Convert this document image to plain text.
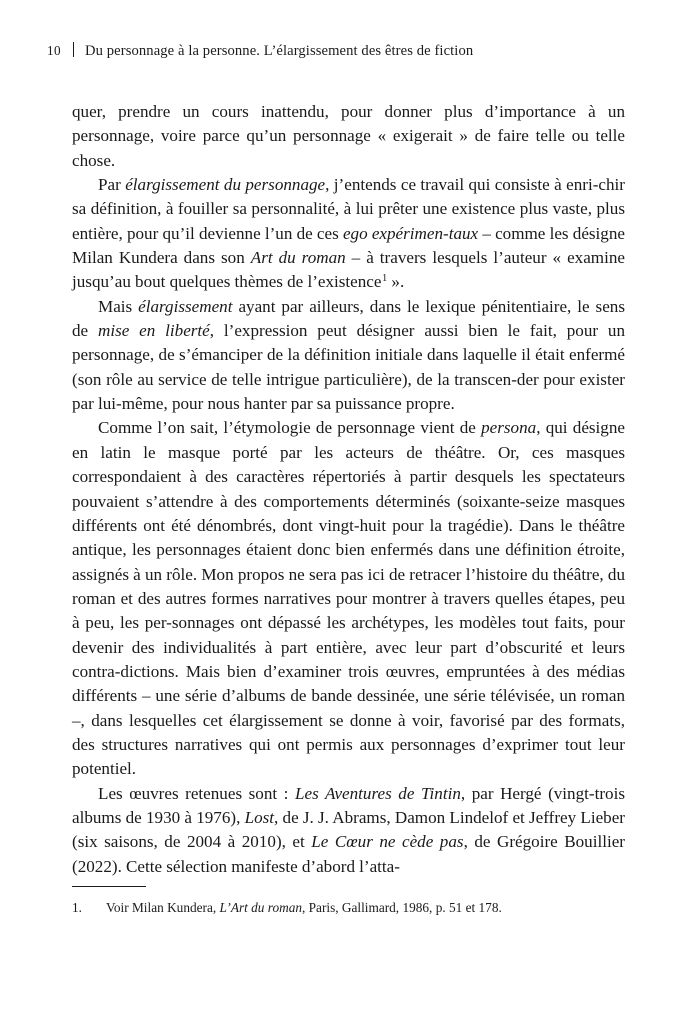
10 Du personnage à la personne. L’élargissement des êtres de fiction

quer, prendre un cours inattendu, pour donner plus d’importance à un personnage, voire parce qu’un personnage « exigerait » de faire telle ou telle chose.

Par élargissement du personnage, j’entends ce travail qui consiste à enri-chir sa définition, à fouiller sa personnalité, à lui prêter une existence plus vaste, plus entière, pour qu’il devienne l’un de ces ego expérimen-taux – comme les désigne Milan Kundera dans son Art du roman – à travers lesquels l’auteur « examine jusqu’au bout quelques thèmes de l’existence$^1$ ».

Mais élargissement ayant par ailleurs, dans le lexique pénitentiaire, le sens de mise en liberté, l’expression peut désigner aussi bien le fait, pour un personnage, de s’émanciper de la définition initiale dans laquelle il était enfermé (son rôle au service de telle intrigue particulière), de la transcen-der pour exister par lui-même, pour nous hanter par sa puissance propre.

Comme l’on sait, l’étymologie de personnage vient de persona, qui désigne en latin le masque porté par les acteurs de théâtre. Or, ces masques correspondaient à des caractères répertoriés à partir desquels les spectateurs pouvaient s’attendre à des comportements déterminés (soixante-seize masques différents ont été dénombrés, dont vingt-huit pour la tragédie). Dans le théâtre antique, les personnages étaient donc bien enfermés dans une définition étroite, assignés à un rôle. Mon propos ne sera pas ici de retracer l’histoire du théâtre, du roman et des autres formes narratives pour montrer à travers quelles étapes, peu à peu, les per-sonnages ont dépassé les archétypes, les modèles tout faits, pour devenir des individualités à part entière, avec leur part d’obscurité et leurs contra-dictions. Mais bien d’examiner trois œuvres, empruntées à des médias différents – une série d’albums de bande dessinée, une série télévisée, un roman –, dans lesquelles cet élargissement se donne à voir, favorisé par des formats, des structures narratives qui ont permis aux personnages d’exprimer tout leur potentiel.

Les œuvres retenues sont : Les Aventures de Tintin, par Hergé (vingt-trois albums de 1930 à 1976), Lost, de J. J. Abrams, Damon Lindelof et Jeffrey Lieber (six saisons, de 2004 à 2010), et Le Cœur ne cède pas, de Grégoire Bouillier (2022). Cette sélection manifeste d’abord l’atta-

1.	Voir Milan Kundera, L’Art du roman, Paris, Gallimard, 1986, p. 51 et 178.
